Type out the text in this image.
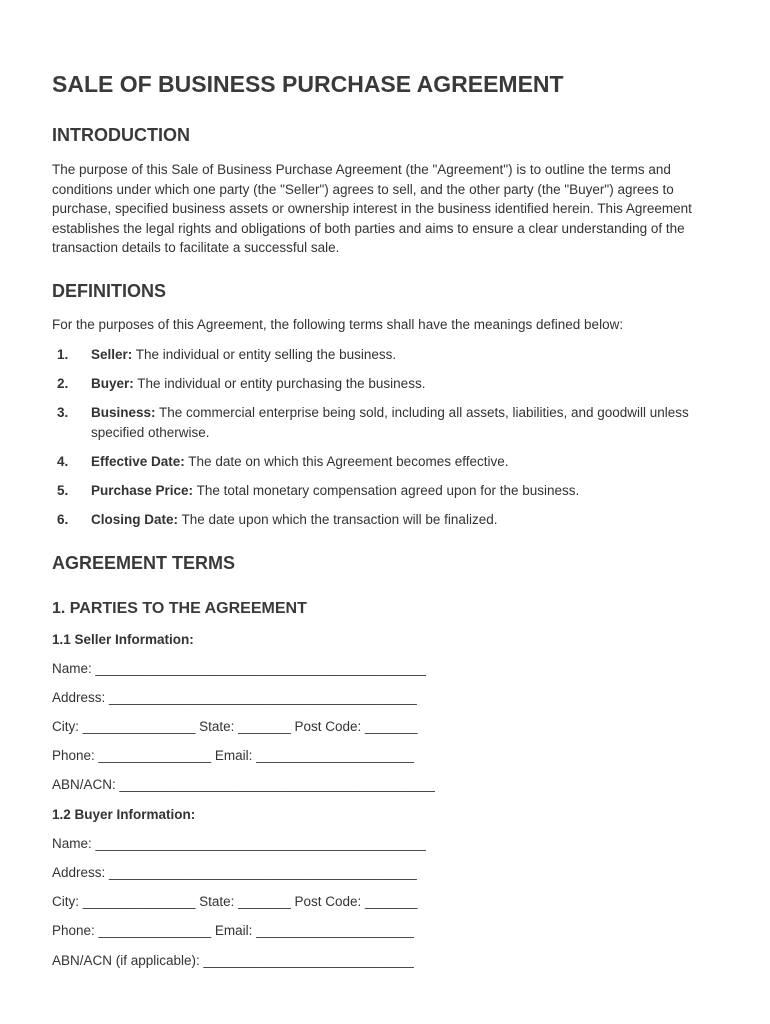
SALE OF BUSINESS PURCHASE AGREEMENT
INTRODUCTION

The purpose of this Sale of Business Purchase Agreement (the "Agreement") is to outline the terms and conditions under which one party (the "Seller") agrees to sell, and the other party (the "Buyer") agrees to purchase, specified business assets or ownership interest in the business identified herein. This Agreement establishes the legal rights and obligations of both parties and aims to ensure a clear understanding of the transaction details to facilitate a successful sale.

DEFINITIONS

For the purposes of this Agreement, the following terms shall have the meanings defined below:

1. Seller: The individual or entity selling the business.
2. Buyer: The individual or entity purchasing the business.
3. Business: The commercial enterprise being sold, including all assets, liabilities, and goodwill unless specified otherwise.
4. Effective Date: The date on which this Agreement becomes effective.
5. Purchase Price: The total monetary compensation agreed upon for the business.
6. Closing Date: The date upon which the transaction will be finalized.
AGREEMENT TERMS
1. PARTIES TO THE AGREEMENT
1.1 Seller Information:

Name: ____________________________________________

Address: _________________________________________

City: _______________ State: _______ Post Code: _______

Phone: _______________ Email: _____________________

ABN/ACN: __________________________________________

1.2 Buyer Information:

Name: ____________________________________________

Address: _________________________________________

City: _______________ State: _______ Post Code: _______

Phone: _______________ Email: _____________________

ABN/ACN (if applicable): ____________________________
